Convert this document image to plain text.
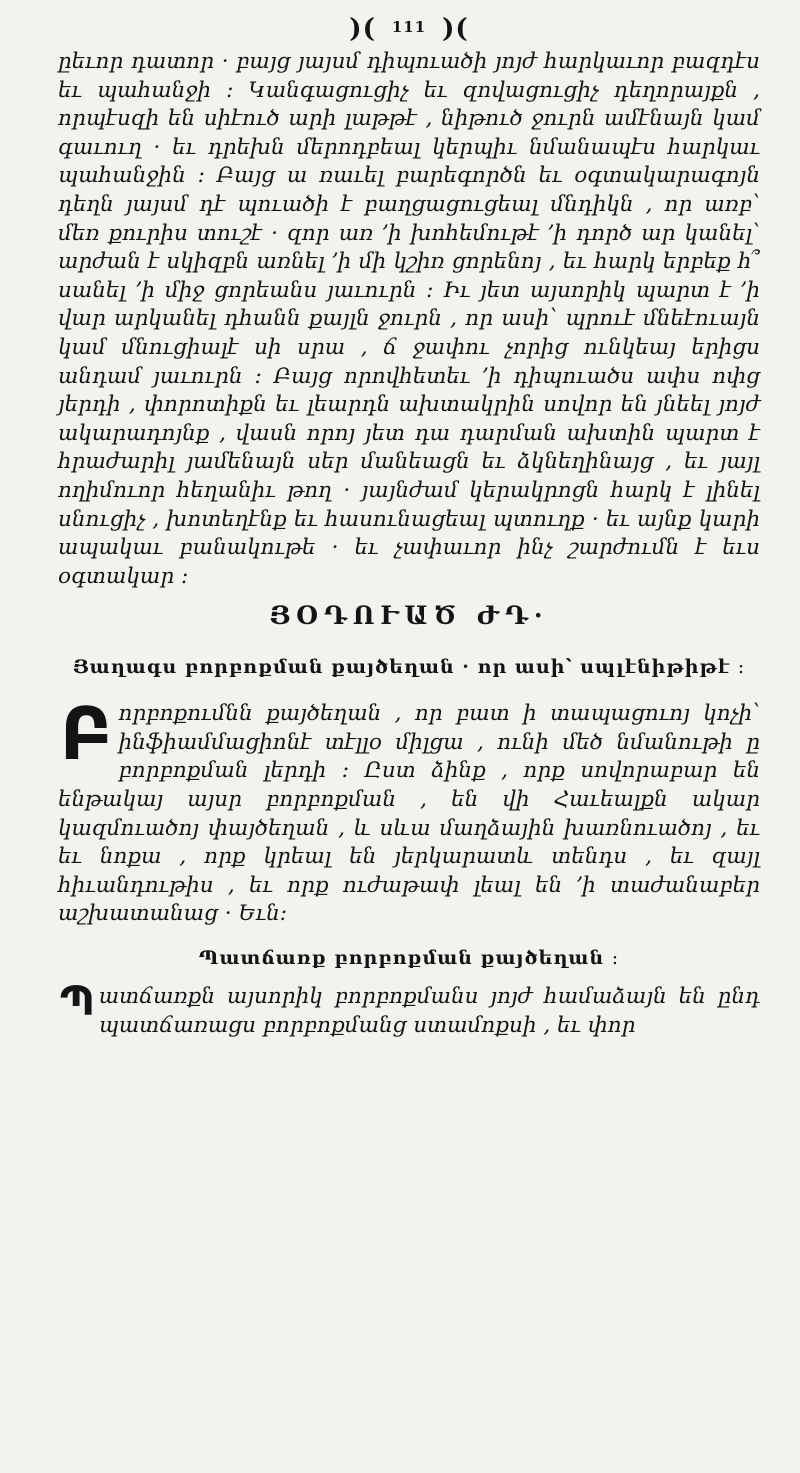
)( 111 )(

ըեւոր դատոր · բայց յայսմ դիպուածի յոյժ հարկաւոր բազդէս եւ պահանջի ։ Կանգացուցիչ եւ զովացուցիչ դեղորայքն , որպէսզի են սիէուծ արի լաթթէ , նիթուծ ջուրն ամէնայն կամ գաւուղ · եւ դրեխն մերոդբեալ կերպիւ նմանապէս հարկաւ պահանջին ։ Բայց ա ռաւել բարեգործն եւ օգտակարագոյն դեղն յայսմ դէ պուածի է բաղցացուցեալ մնդիկն , որ առբ՝ մեռ քուրիս տուշէ · զոր առ ՚ի խոհեմութէ ՚ի դործ ար կանել՝ արժան է սկիզբն առնել ՚ի մի կշիռ ցորենոյ , եւ հարկ երբեք հ՞ սանել ՚ի միջ ցորեանս յաւուրն ։ Իւ յետ այսորիկ պարտ է ՚ի վար արկանել դհանն քայլն ջուրն , որ ասի՝ պրուէ մնեէուայն կամ մնուցիալէ սի սրա , ճ ջափու չորից ունկեայ երիցս անդամ յաւուրն ։ Բայց որովհետեւ ՚ի դիպուածս ափս ոփց յերդի , փորոտիքն եւ լեարդն ախտակրին սովոր են յնեել յոյժ ակարադոյնք , վասն որոյ յետ դա դարման ախտին պարտ է հրաժարիլ յամենայն սեր մանեացն եւ ձկնեղինայց , եւ յայլ ողիմուոր հեղանիւ թող · յայնժամ կերակրոցն հարկ է լինել սնուցիչ , խոտեղէնք եւ հասունացեալ պտուղք · եւ այնք կարի ապակաւ բանակութե · եւ չափաւոր ինչ շարժումն է եւս օգտակար ։

ՅՕԴՈՒԱԾ ԺԴ·
Յաղագս բորբոքման քայծեղան · որ ասի՝ սպլէնիթիթէ ։

Բորբոքումնն քայծեղան , որ բատ ի տապացուոյ կոչի՝ ինֆիամմացիոնէ տէլլօ միլցա , ունի մեծ նմանութի ը բորբոքման լերդի ։ Ըստ ձինք , որք սովորաբար են ենթակայ այսր բորբոքման , են վի Հաւեալքն ակար կազմուածոյ փայծեղան , և սևա մաղձային խառնուածոյ , եւ եւ նոքա , որք կրեալ են յերկարատև տենդս , եւ զայլ հիւանդութիս , եւ որք ուժաթափ լեալ են ՚ի տաժանաբեր աշխատանաց · Եւն։

Պատճառք բորբոքման քայծեղան ։

Պատճառքն այսորիկ բորբոքմանս յոյժ համաձայն են ընդ պատճառացս բորբոքմանց ստամոքսի , եւ փոր
